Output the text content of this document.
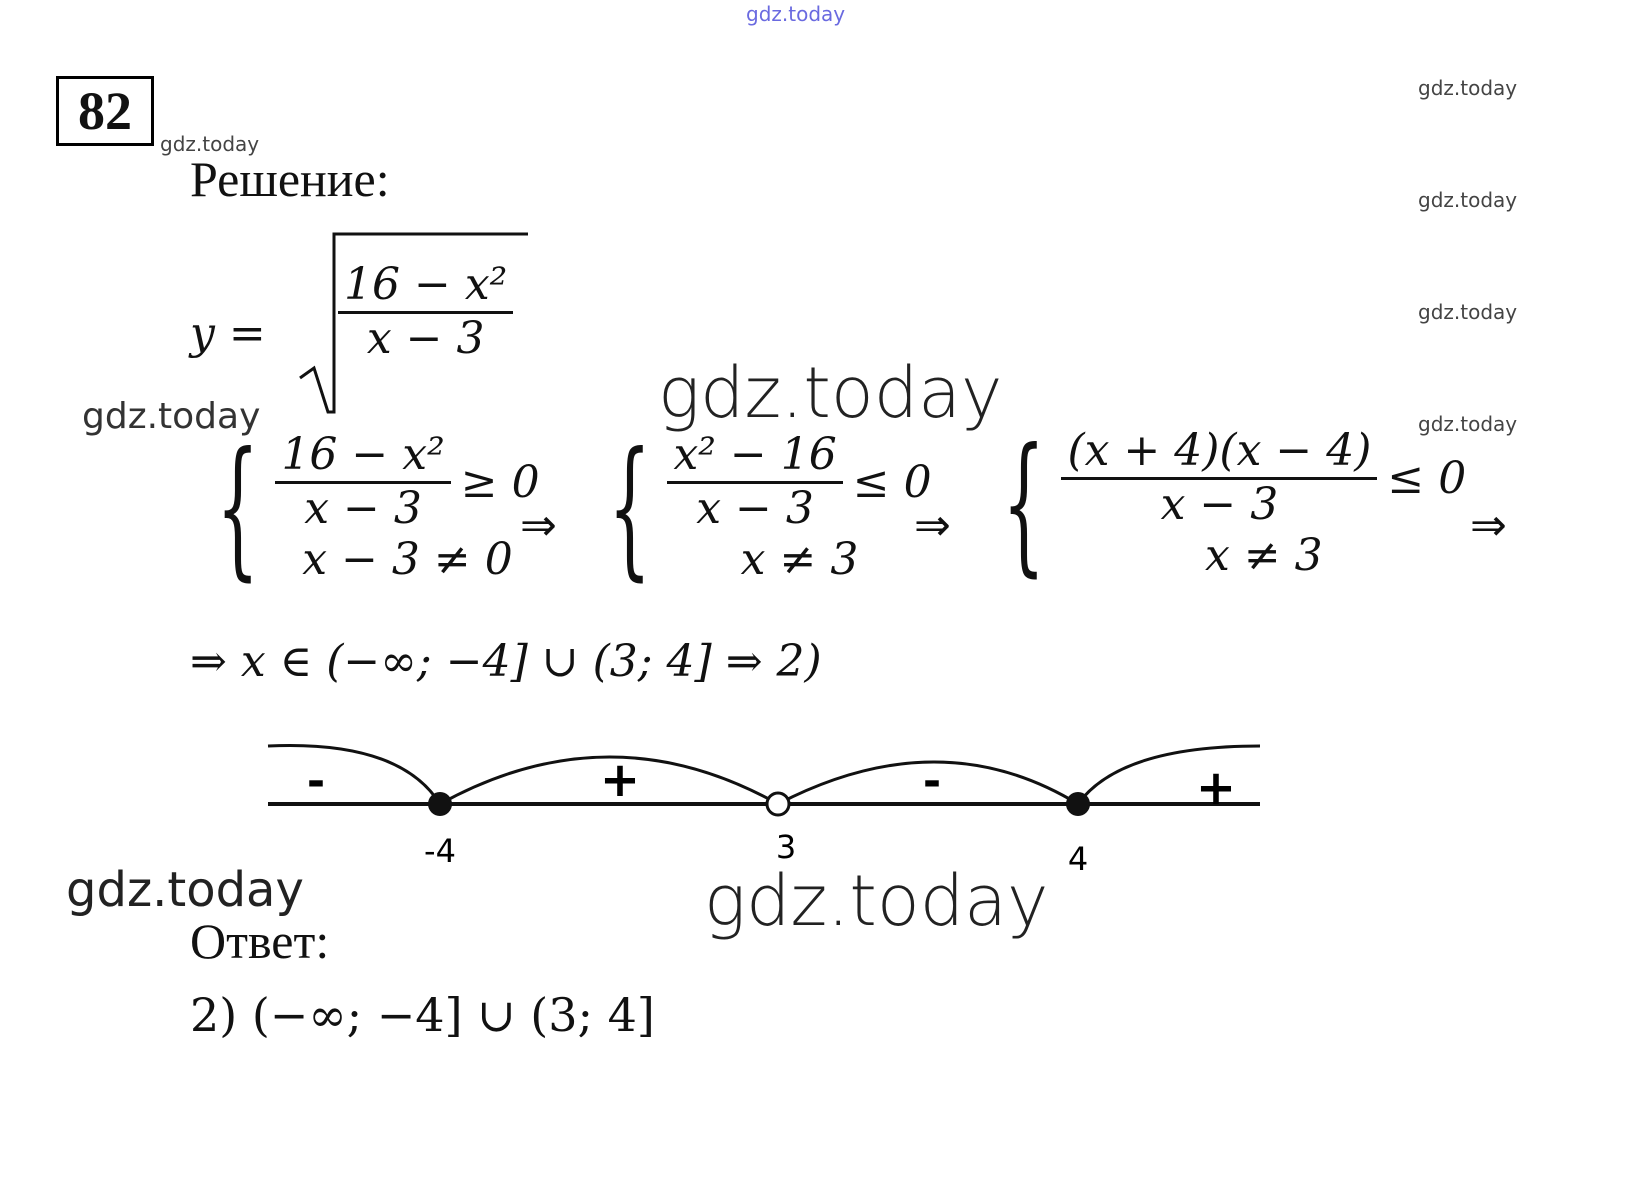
gdz.today
gdz.today
gdz.today
gdz.today
gdz.today
gdz.today
gdz.today	gdz.today
gdz.today	gdz.today
82
Решение:
$y = \frac{\text{16 − x²}}{x - 3}$
{ $\frac{\text{16 − x²}}{x - 3} \ge 0$
x − 3 ≠ 0
⇒ { $\frac{\text{x² − 16}}{x - 3} \le 0$
x ≠ 3
⇒ { $\frac{(x + 4)(x - 4)}{x - 3} \le 0$
x ≠ 3
⇒
⇒ x ∈ (−∞; −4] ∪ (3; 4] ⇒ 2)
-	+	-	+
-4	3	4
Ответ:
2) (−∞; −4] ∪ (3; 4]
